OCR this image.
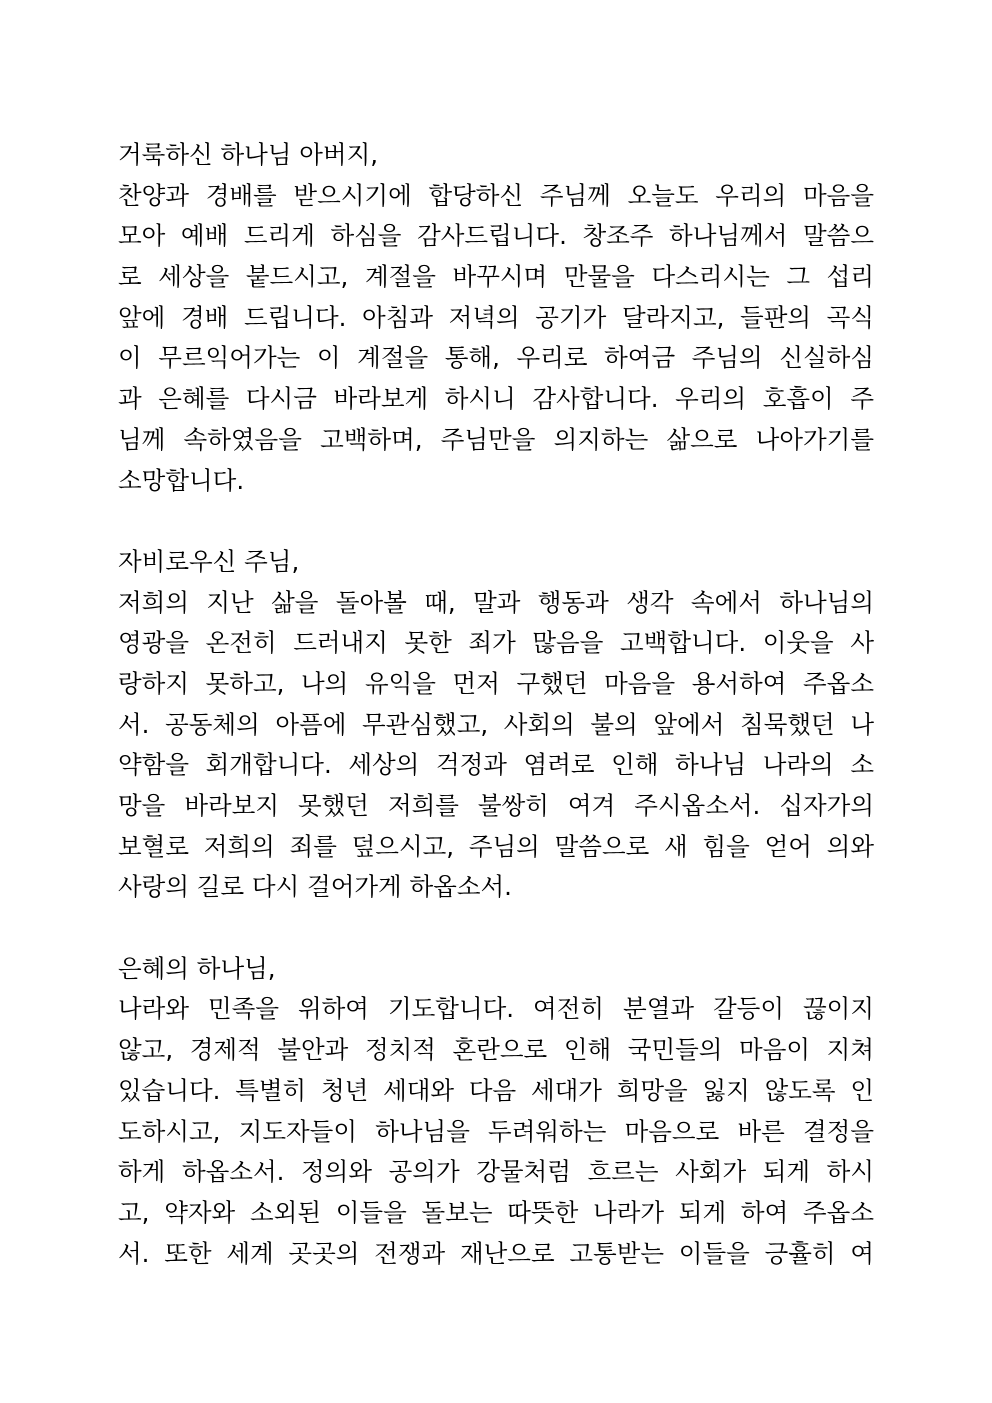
거룩하신 하나님 아버지,
찬양과 경배를 받으시기에 합당하신 주님께 오늘도 우리의 마음을
모아 예배 드리게 하심을 감사드립니다. 창조주 하나님께서 말씀으
로 세상을 붙드시고, 계절을 바꾸시며 만물을 다스리시는 그 섭리
앞에 경배 드립니다. 아침과 저녁의 공기가 달라지고, 들판의 곡식
이 무르익어가는 이 계절을 통해, 우리로 하여금 주님의 신실하심
과 은혜를 다시금 바라보게 하시니 감사합니다. 우리의 호흡이 주
님께 속하였음을 고백하며, 주님만을 의지하는 삶으로 나아가기를
소망합니다.
자비로우신 주님,
저희의 지난 삶을 돌아볼 때, 말과 행동과 생각 속에서 하나님의
영광을 온전히 드러내지 못한 죄가 많음을 고백합니다. 이웃을 사
랑하지 못하고, 나의 유익을 먼저 구했던 마음을 용서하여 주옵소
서. 공동체의 아픔에 무관심했고, 사회의 불의 앞에서 침묵했던 나
약함을 회개합니다. 세상의 걱정과 염려로 인해 하나님 나라의 소
망을 바라보지 못했던 저희를 불쌍히 여겨 주시옵소서. 십자가의
보혈로 저희의 죄를 덮으시고, 주님의 말씀으로 새 힘을 얻어 의와
사랑의 길로 다시 걸어가게 하옵소서.
은혜의 하나님,
나라와 민족을 위하여 기도합니다. 여전히 분열과 갈등이 끊이지
않고, 경제적 불안과 정치적 혼란으로 인해 국민들의 마음이 지쳐
있습니다. 특별히 청년 세대와 다음 세대가 희망을 잃지 않도록 인
도하시고, 지도자들이 하나님을 두려워하는 마음으로 바른 결정을
하게 하옵소서. 정의와 공의가 강물처럼 흐르는 사회가 되게 하시
고, 약자와 소외된 이들을 돌보는 따뜻한 나라가 되게 하여 주옵소
서. 또한 세계 곳곳의 전쟁과 재난으로 고통받는 이들을 긍휼히 여
